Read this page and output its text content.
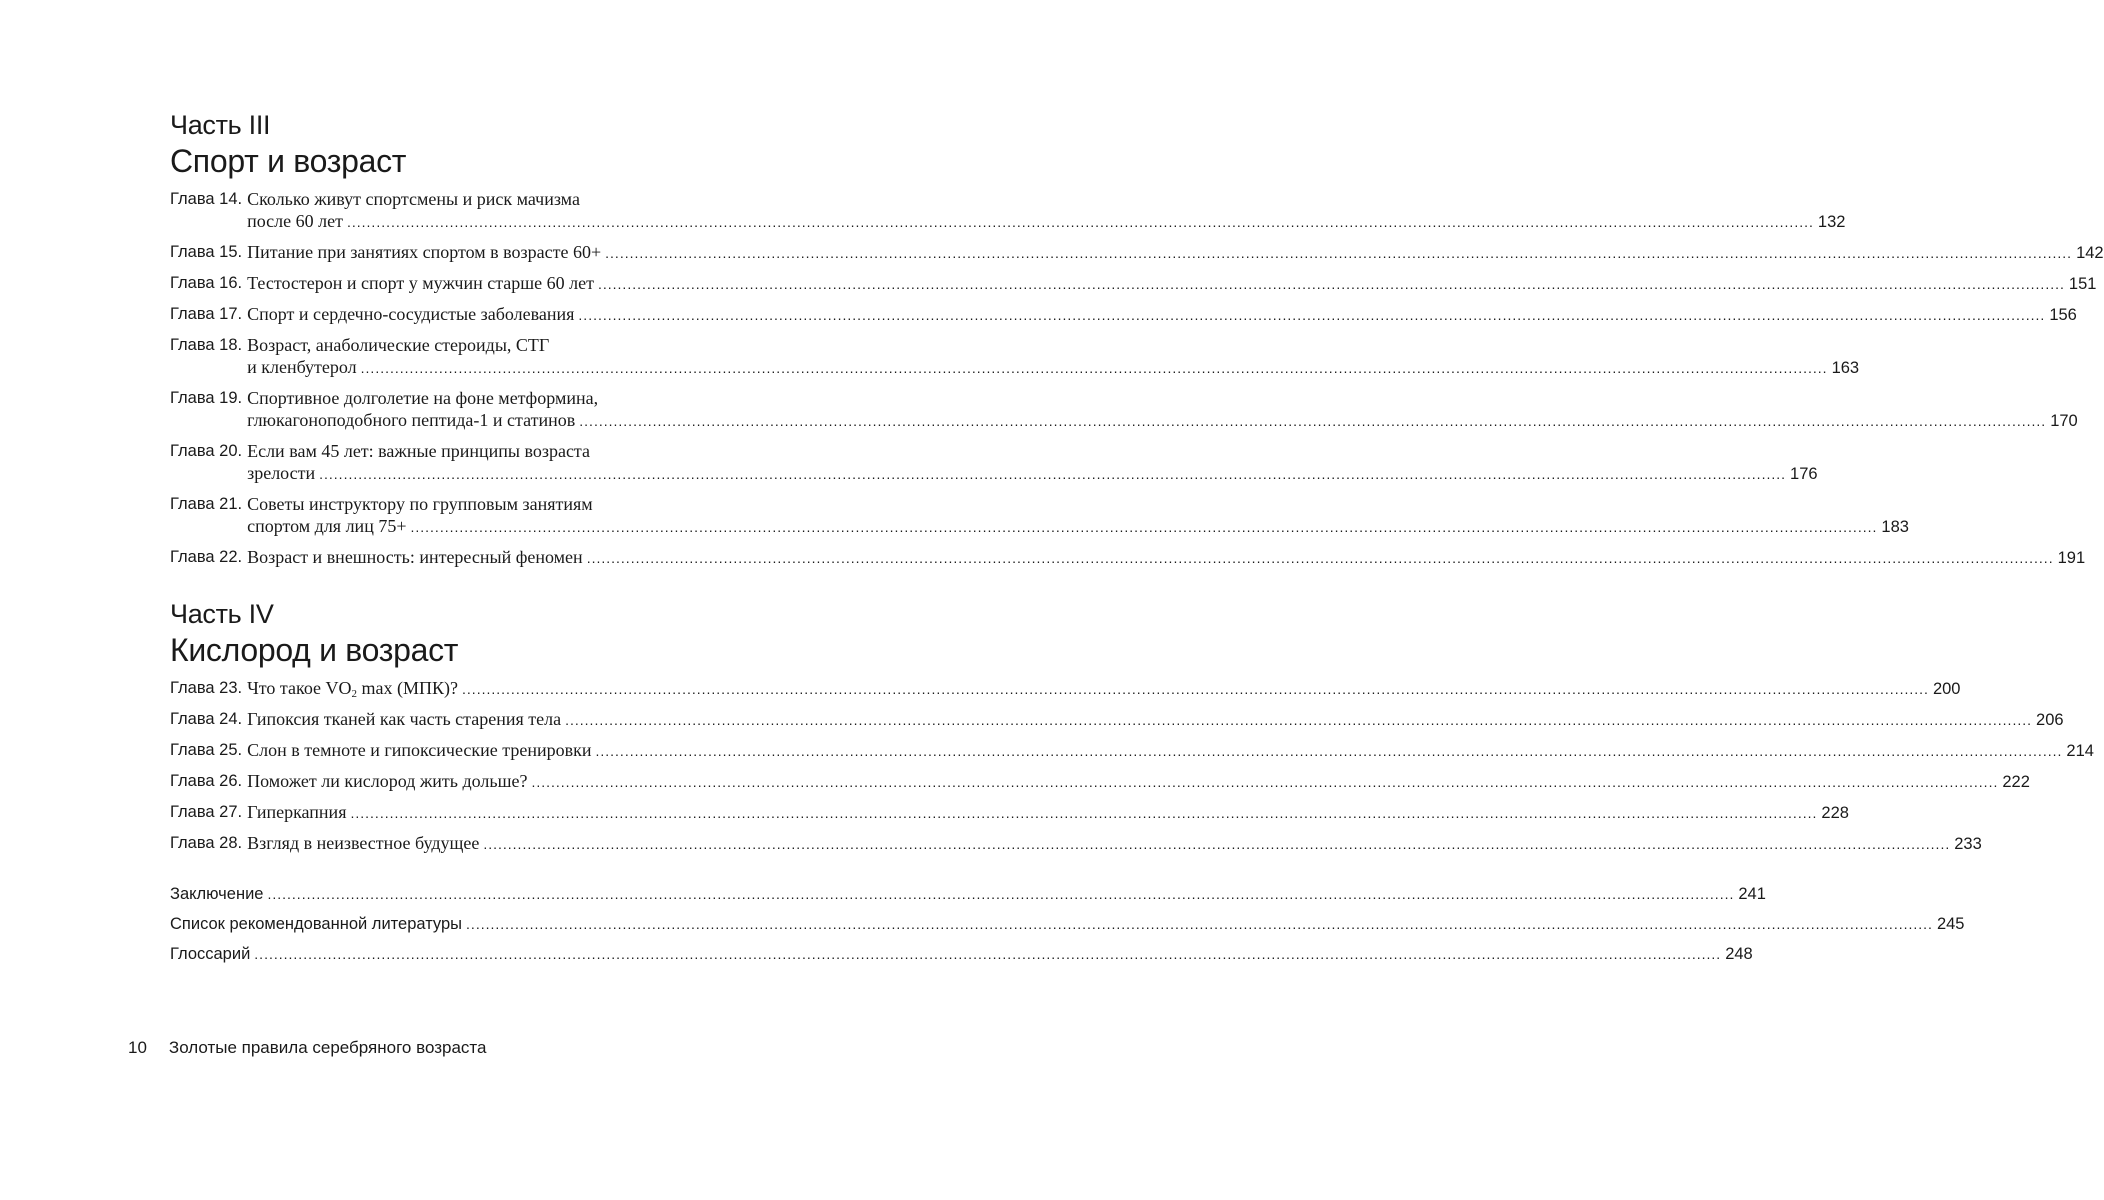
Часть III
Спорт и возраст
Глава 14. Сколько живут спортсмены и риск мачизма
после 60 лет ............................................................................................................................................................................................................................................................................................................ 132
Глава 15. Питание при занятиях спортом в возрасте 60+ ............................................................................................................................................................................................................................................................................................................ 142
Глава 16. Тестостерон и спорт у мужчин старше 60 лет ............................................................................................................................................................................................................................................................................................................ 151
Глава 17. Спорт и сердечно-сосудистые заболевания ............................................................................................................................................................................................................................................................................................................ 156
Глава 18. Возраст, анаболические стероиды, СТГ
и кленбутерол ............................................................................................................................................................................................................................................................................................................ 163
Глава 19. Спортивное долголетие на фоне метформина,
глюкагоноподобного пептида-1 и статинов ............................................................................................................................................................................................................................................................................................................ 170
Глава 20. Если вам 45 лет: важные принципы возраста
зрелости ............................................................................................................................................................................................................................................................................................................ 176
Глава 21. Советы инструктору по групповым занятиям
спортом для лиц 75+ ............................................................................................................................................................................................................................................................................................................ 183
Глава 22. Возраст и внешность: интересный феномен ............................................................................................................................................................................................................................................................................................................ 191
Часть IV
Кислород и возраст
Глава 23. Что такое $VO_2$ max (МПК)? ............................................................................................................................................................................................................................................................................................................ 200
Глава 24. Гипоксия тканей как часть старения тела ............................................................................................................................................................................................................................................................................................................ 206
Глава 25. Слон в темноте и гипоксические тренировки ............................................................................................................................................................................................................................................................................................................ 214
Глава 26. Поможет ли кислород жить дольше? ............................................................................................................................................................................................................................................................................................................ 222
Глава 27. Гиперкапния ............................................................................................................................................................................................................................................................................................................ 228
Глава 28. Взгляд в неизвестное будущее ............................................................................................................................................................................................................................................................................................................ 233
Заключение ............................................................................................................................................................................................................................................................................................................ 241
Список рекомендованной литературы ............................................................................................................................................................................................................................................................................................................ 245
Глоссарий ............................................................................................................................................................................................................................................................................................................ 248
10 Золотые правила серебряного возраста
